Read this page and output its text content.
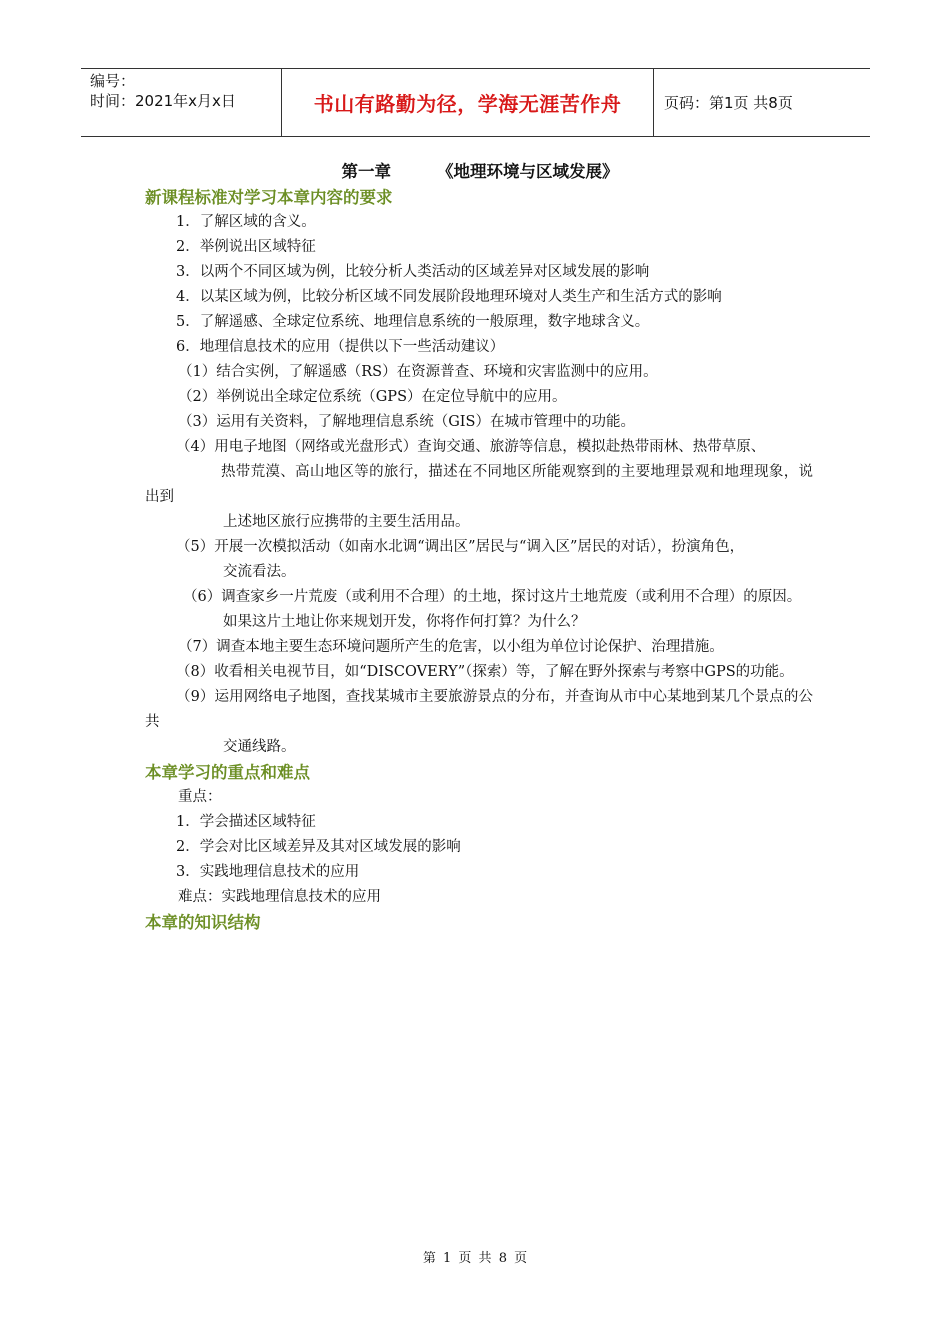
编号：
时间：2021年x月x日	书山有路勤为径，学海无涯苦作舟	页码：第1页 共8页
第一章        《地理环境与区域发展》
新课程标准对学习本章内容的要求

1．了解区域的含义。

2．举例说出区域特征

3．以两个不同区域为例，比较分析人类活动的区域差异对区域发展的影响

4．以某区域为例，比较分析区域不同发展阶段地理环境对人类生产和生活方式的影响

5．了解遥感、全球定位系统、地理信息系统的一般原理，数字地球含义。

6．地理信息技术的应用（提供以下一些活动建议）

（1）结合实例，了解遥感（RS）在资源普查、环境和灾害监测中的应用。

（2）举例说出全球定位系统（GPS）在定位导航中的应用。

（3）运用有关资料，了解地理信息系统（GIS）在城市管理中的功能。

（4）用电子地图（网络或光盘形式）查询交通、旅游等信息，模拟赴热带雨林、热带草原、

热带荒漠、高山地区等的旅行，描述在不同地区所能观察到的主要地理景观和地理现象，说出到

上述地区旅行应携带的主要生活用品。

（5）开展一次模拟活动（如南水北调“调出区”居民与“调入区”居民的对话），扮演角色，

交流看法。

（6）调查家乡一片荒废（或利用不合理）的土地，探讨这片土地荒废（或利用不合理）的原因。

如果这片土地让你来规划开发，你将作何打算？为什么？

（7）调查本地主要生态环境问题所产生的危害，以小组为单位讨论保护、治理措施。

（8）收看相关电视节目，如“DISCOVERY”（探索）等，了解在野外探索与考察中GPS的功能。

（9）运用网络电子地图，查找某城市主要旅游景点的分布，并查询从市中心某地到某几个景点的公共

交通线路。

本章学习的重点和难点

重点：

1．学会描述区域特征

2．学会对比区域差异及其对区域发展的影响

3．实践地理信息技术的应用

难点：实践地理信息技术的应用

本章的知识结构
第 1 页 共 8 页
